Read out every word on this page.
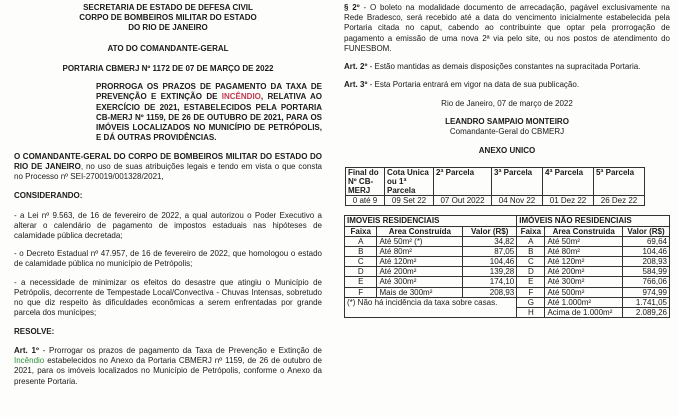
SECRETARIA DE ESTADO DE DEFESA CIVIL
CORPO DE BOMBEIROS MILITAR DO ESTADO
DO RIO DE JANEIRO
ATO DO COMANDANTE-GERAL
PORTARIA CBMERJ Nº 1172 DE 07 DE MARÇO DE 2022

PRORROGA OS PRAZOS DE PAGAMENTO DA TAXA DE PREVENÇÃO E EXTINÇÃO DE INCÊNDIO, RELATIVA AO EXERCÍCIO DE 2021, ESTABELECIDOS PELA PORTARIA CB-MERJ Nº 1159, DE 26 DE OUTUBRO DE 2021, PARA OS IMÓVEIS LOCALIZADOS NO MUNICÍPIO DE PETRÓPOLIS, E DÁ OUTRAS PROVIDÊNCIAS.

O COMANDANTE-GERAL DO CORPO DE BOMBEIROS MILITAR DO ESTADO DO RIO DE JANEIRO, no uso de suas atribuições legais e tendo em vista o que consta no Processo nº SEI-270019/001328/2021,

CONSIDERANDO:

- a Lei nº 9.563, de 16 de fevereiro de 2022, a qual autorizou o Poder Executivo a alterar o calendário de pagamento de impostos estaduais nas hipóteses de calamidade pública decretada;

- o Decreto Estadual nº 47.957, de 16 de fevereiro de 2022, que homologou o estado de calamidade pública no município de Petrópolis;

- a necessidade de minimizar os efeitos do desastre que atingiu o Município de Petrópolis, decorrente de Tempestade Local/Convectiva - Chuvas Intensas, sobretudo no que diz respeito às dificuldades econômicas a serem enfrentadas por grande parcela dos munícipes;

RESOLVE:

Art. 1º - Prorrogar os prazos de pagamento da Taxa de Prevenção e Extinção de Incêndio estabelecidos no Anexo da Portaria CBMERJ nº 1159, de 26 de outubro de 2021, para os imóveis localizados no Município de Petrópolis, conforme o Anexo da presente Portaria.

§ 2º - O boleto na modalidade documento de arrecadação, pagável exclusivamente na Rede Bradesco, será recebido até a data do vencimento inicialmente estabelecida pela Portaria citada no caput, cabendo ao contribuinte que optar pela prorrogação de pagamento a emissão de uma nova 2ª via pelo site, ou nos postos de atendimento do FUNESBOM.

Art. 2º - Estão mantidas as demais disposições constantes na supracitada Portaria.

Art. 3º - Esta Portaria entrará em vigor na data de sua publicação.

Rio de Janeiro, 07 de março de 2022

LEANDRO SAMPAIO MONTEIRO

Comandante-Geral do CBMERJ

ANEXO UNICO

Final do Nº CB-MERJ	Cota Unica ou 1ª Parcela	2ª Parcela	3ª Parcela	4ª Parcela	5ª Parcela
0 até 9	09 Set 22	07 Out 2022	04 Nov 22	01 Dez 22	26 Dez 22
IMOVEIS RESIDENCIAIS			IMÓVEIS NÃO RESIDENCIAIS		
Faixa	Area Construída	Valor (R$)	Faixa	Area Construida	Valor (R$)
A	Até 50m² (*)	34,82	A	Até 50m²	69,64
B	Até 80m²	87,05	B	Até 80m²	104,46
C	Até 120m²	104,46	C	Até 120m²	208,93
D	Até 200m²	139,28	D	Até 200m²	584,99
E	Até 300m²	174,10	E	Até 300m²	766,06
F	Mais de 300m²	208,93	F	Até 500m²	974,99
(*) Não há incidência da taxa sobre casas.			G	Até 1.000m²	1.741,05
			H	Acima de 1.000m²	2.089,26
